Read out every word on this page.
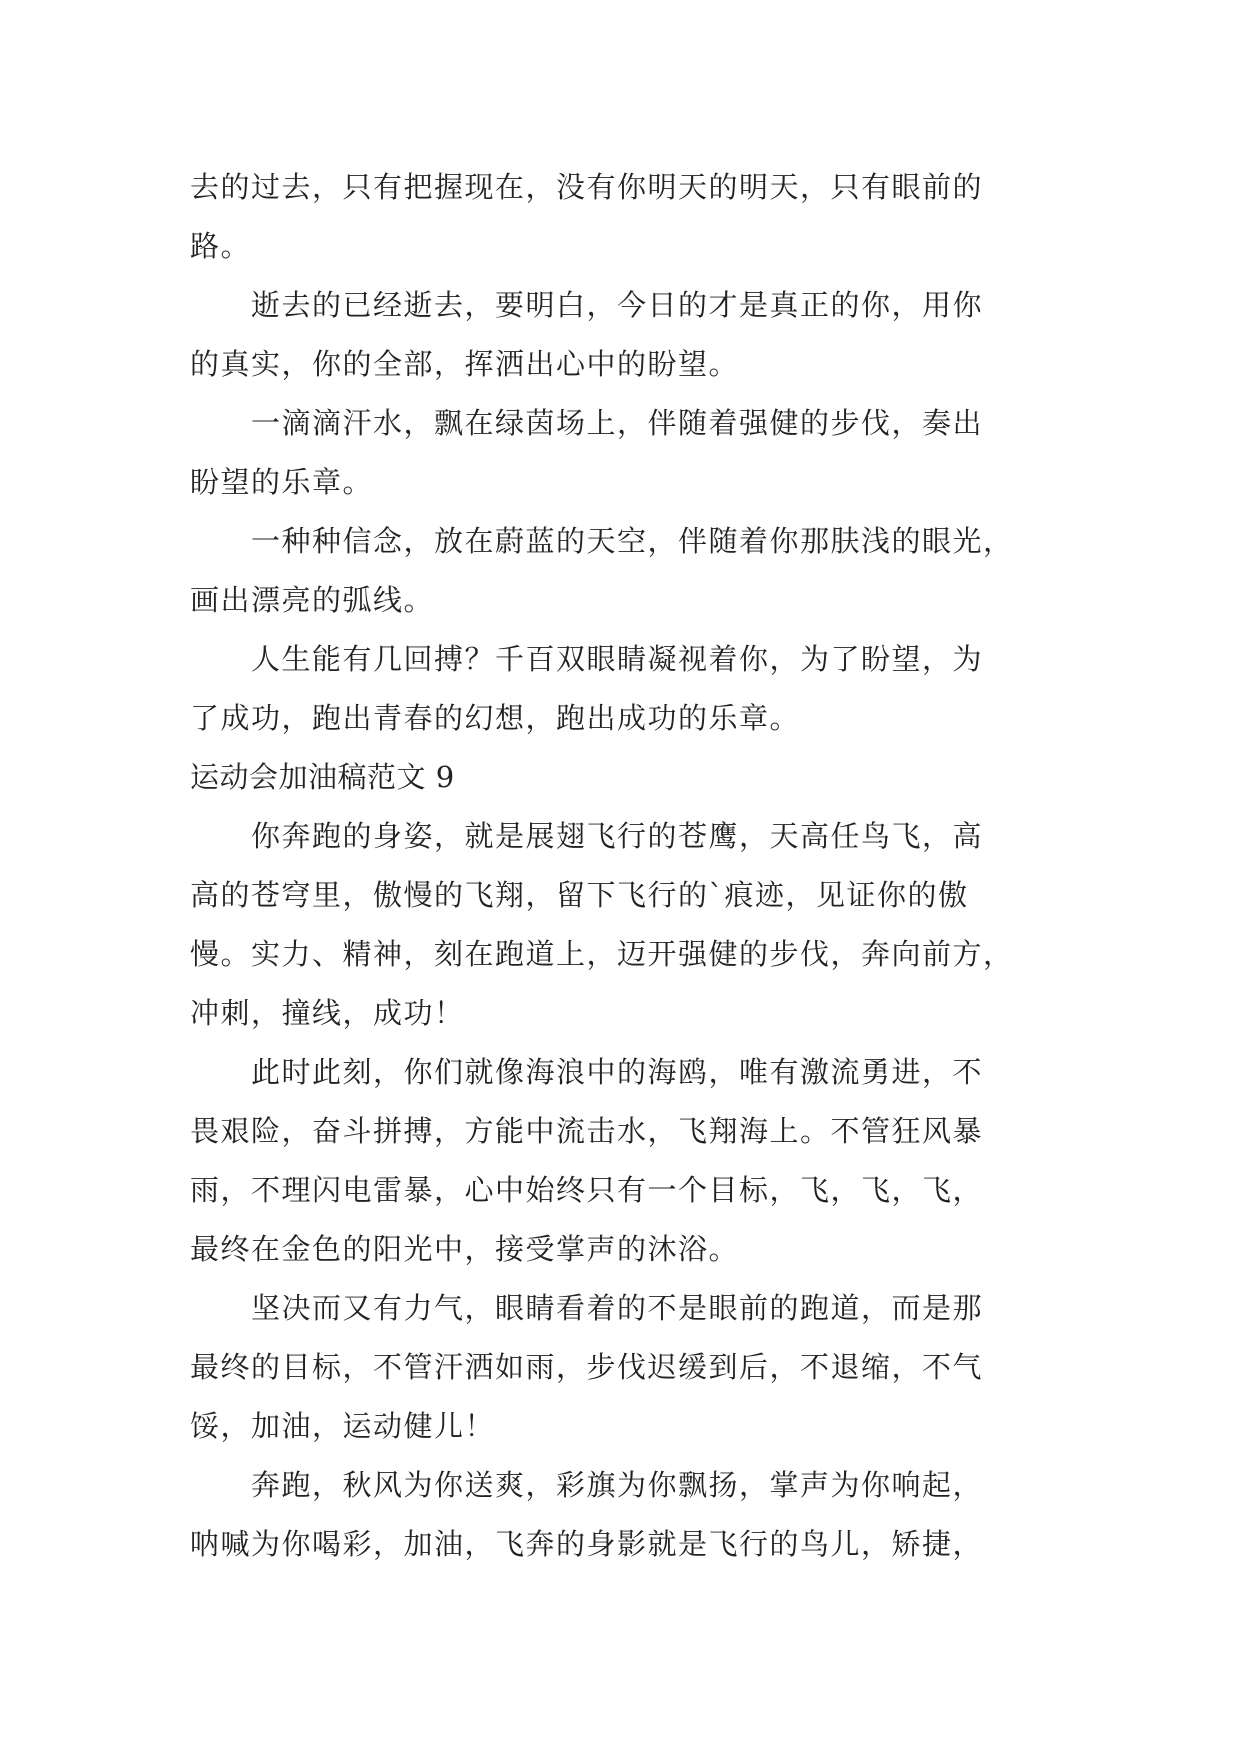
去的过去，只有把握现在，没有你明天的明天，只有眼前的
路。
　　逝去的已经逝去，要明白，今日的才是真正的你，用你
的真实，你的全部，挥洒出心中的盼望。
　　一滴滴汗水，飘在绿茵场上，伴随着强健的步伐，奏出
盼望的乐章。
　　一种种信念，放在蔚蓝的天空，伴随着你那肤浅的眼光，
画出漂亮的弧线。
　　人生能有几回搏？千百双眼睛凝视着你，为了盼望，为
了成功，跑出青春的幻想，跑出成功的乐章。
运动会加油稿范文 9
　　你奔跑的身姿，就是展翅飞行的苍鹰，天高任鸟飞，高
高的苍穹里，傲慢的飞翔，留下飞行的`痕迹，见证你的傲
慢。实力、精神，刻在跑道上，迈开强健的步伐，奔向前方，
冲刺，撞线，成功！
　　此时此刻，你们就像海浪中的海鸥，唯有激流勇进，不
畏艰险，奋斗拼搏，方能中流击水，飞翔海上。不管狂风暴
雨，不理闪电雷暴，心中始终只有一个目标，飞，飞，飞，
最终在金色的阳光中，接受掌声的沐浴。
　　坚决而又有力气，眼睛看着的不是眼前的跑道，而是那
最终的目标，不管汗洒如雨，步伐迟缓到后，不退缩，不气
馁，加油，运动健儿！
　　奔跑，秋风为你送爽，彩旗为你飘扬，掌声为你响起，
呐喊为你喝彩，加油，飞奔的身影就是飞行的鸟儿，矫捷，
